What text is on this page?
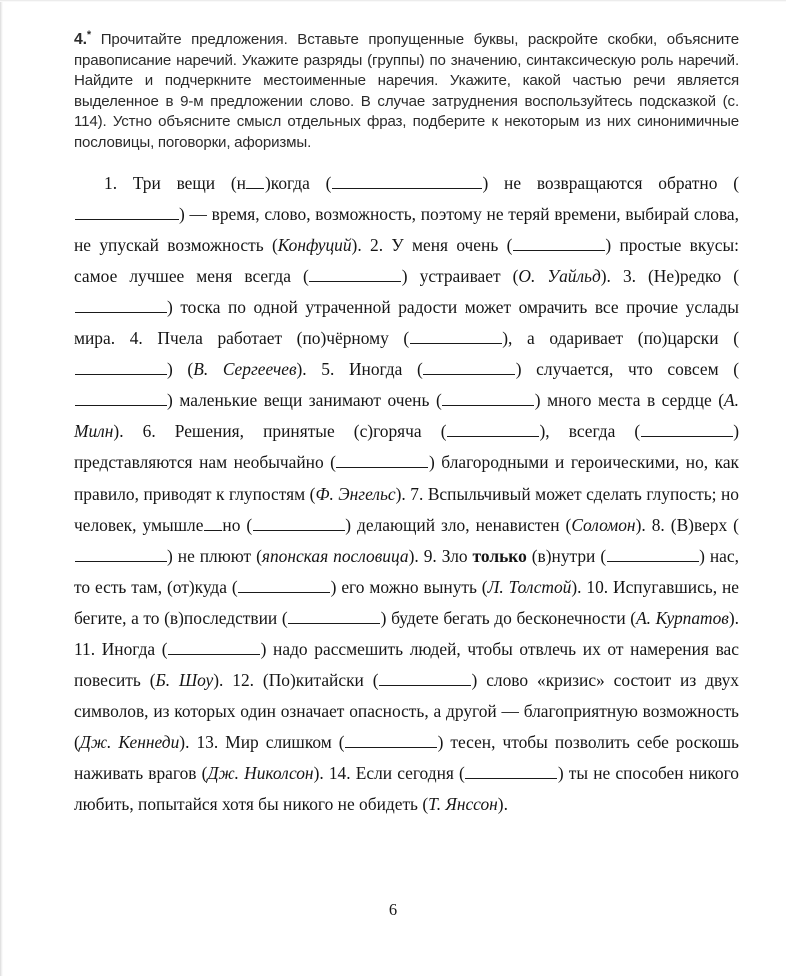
4.* Прочитайте предложения. Вставьте пропущенные буквы, раскройте скобки, объясните правописание наречий. Укажите разряды (группы) по значению, синтаксическую роль наречий. Найдите и подчеркните местоименные наречия. Укажите, какой частью речи является выделенное в 9-м предложении слово. В случае затруднения воспользуйтесь подсказкой (с. 114). Устно объясните смысл отдельных фраз, подберите к некоторым из них синонимичные пословицы, поговорки, афоризмы.

1. Три вещи (н )когда (	) не возвращаются обратно () — время, слово, возможность, поэтому не теряй времени, выбирай слова, не упускай возможность (Конфуций). 2. У меня очень (	) простые вкусы: самое лучшее меня всегда (	) устраивает (О. Уайльд). 3. (Не)редко () тоска по одной утраченной радости может омрачить все прочие услады мира. 4. Пчела работает (по)чёрному (	), а одаривает (по)царски () (В. Сергеечев). 5. Иногда (	) случается, что совсем () маленькие вещи занимают очень (	) много места в сердце (А. Милн). 6. Решения, принятые (с)горяча (	), всегда (	) представляются нам необычайно (	) благородными и героическими, но, как правило, приводят к глупостям (Ф. Энгельс). 7. Вспыльчивый может сделать глупость; но человек, умышле но (	) делающий зло, ненавистен (Соломон). 8. (В)верх () не плюют (японская пословица). 9. Зло только (в)нутри (	) нас, то есть там, (от)куда (	) его можно вынуть (Л. Толстой). 10. Испугавшись, не бегите, а то (в)последствии (	) будете бегать до бесконечности (А. Курпатов). 11. Иногда (	) надо рассмешить людей, чтобы отвлечь их от намерения вас повесить (Б. Шоу). 12. (По)китайски (	) слово «кризис» состоит из двух символов, из которых один означает опасность, а другой — благоприятную возможность (Дж. Кеннеди). 13. Мир слишком (	) тесен, чтобы позволить себе роскошь наживать врагов (Дж. Николсон). 14. Если сегодня (	) ты не способен никого любить, попытайся хотя бы никого не обидеть (Т. Янссон).

6
